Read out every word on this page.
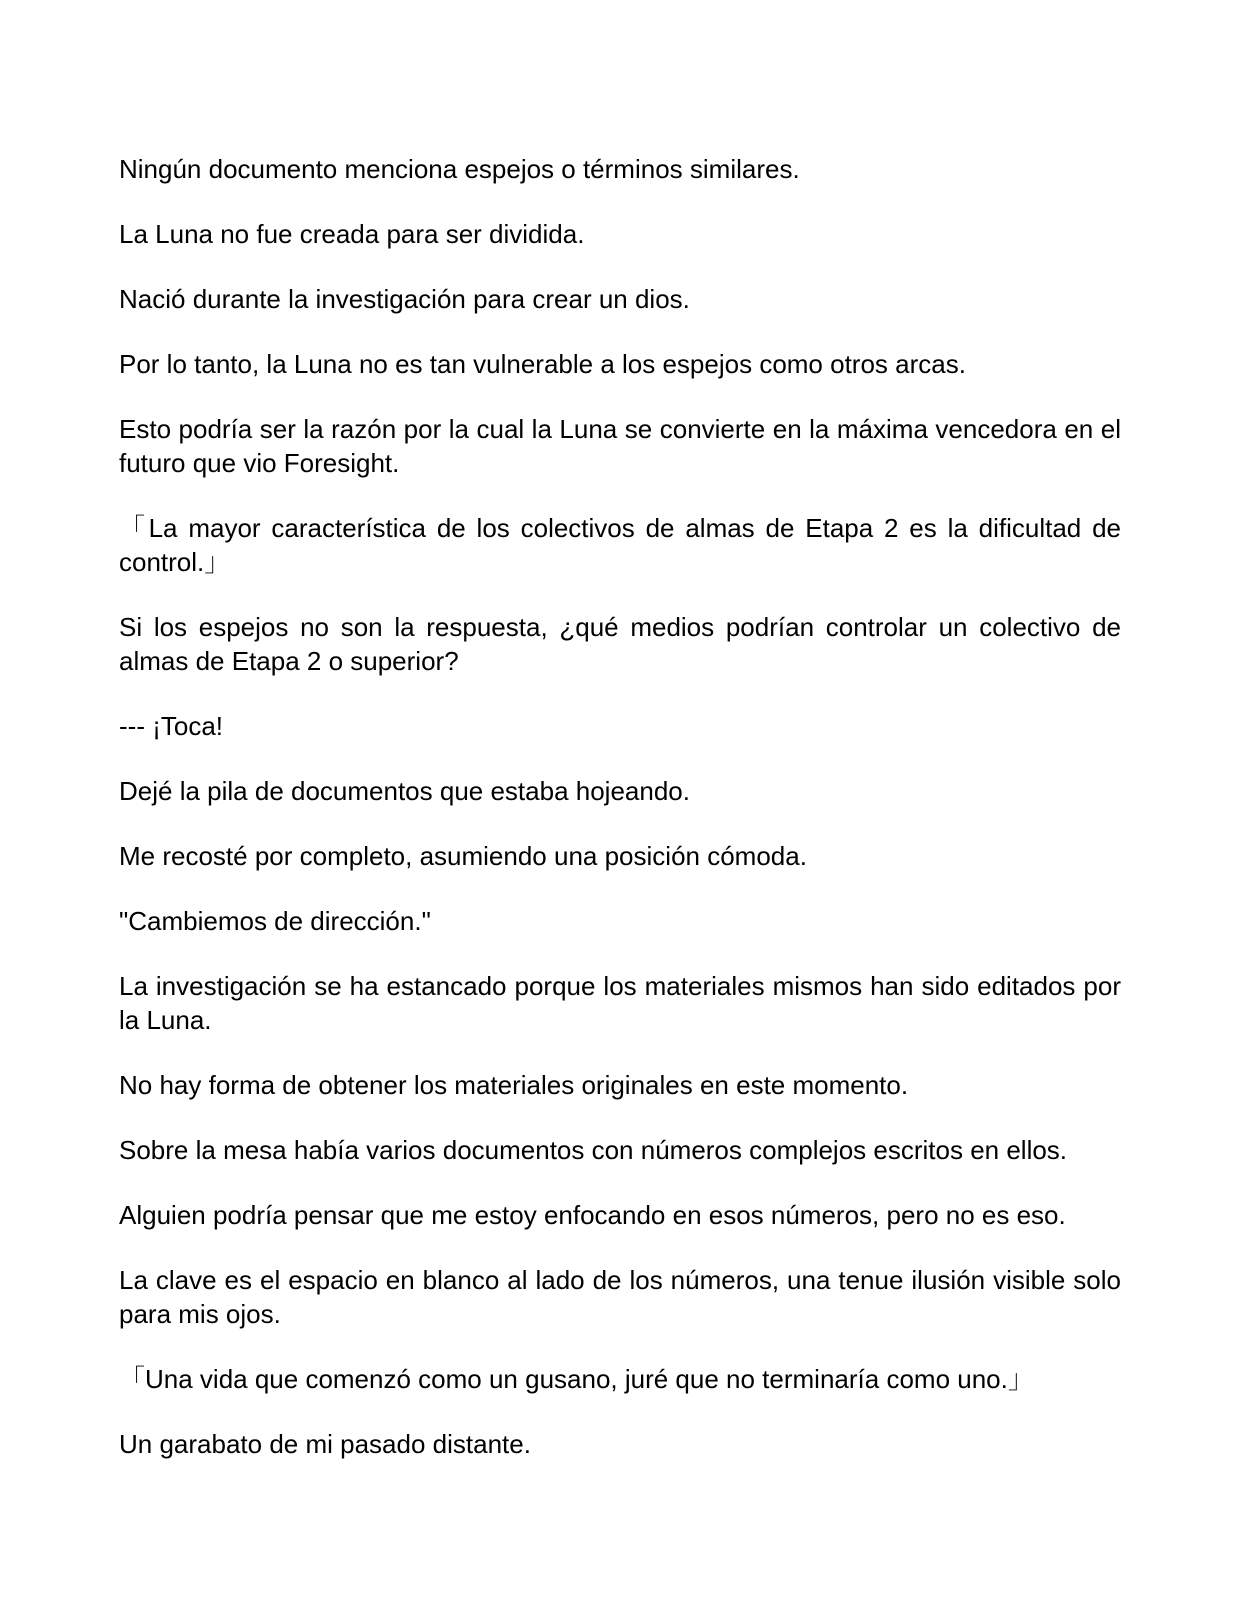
Ningún documento menciona espejos o términos similares.

La Luna no fue creada para ser dividida.

Nació durante la investigación para crear un dios.

Por lo tanto, la Luna no es tan vulnerable a los espejos como otros arcas.

Esto podría ser la razón por la cual la Luna se convierte en la máxima vencedora en el futuro que vio Foresight.

「La mayor característica de los colectivos de almas de Etapa 2 es la dificultad de control.」

Si los espejos no son la respuesta, ¿qué medios podrían controlar un colectivo de almas de Etapa 2 o superior?

--- ¡Toca!

Dejé la pila de documentos que estaba hojeando.

Me recosté por completo, asumiendo una posición cómoda.

"Cambiemos de dirección."

La investigación se ha estancado porque los materiales mismos han sido editados por la Luna.

No hay forma de obtener los materiales originales en este momento.

Sobre la mesa había varios documentos con números complejos escritos en ellos.

Alguien podría pensar que me estoy enfocando en esos números, pero no es eso.

La clave es el espacio en blanco al lado de los números, una tenue ilusión visible solo para mis ojos.

「Una vida que comenzó como un gusano, juré que no terminaría como uno.」

Un garabato de mi pasado distante.
